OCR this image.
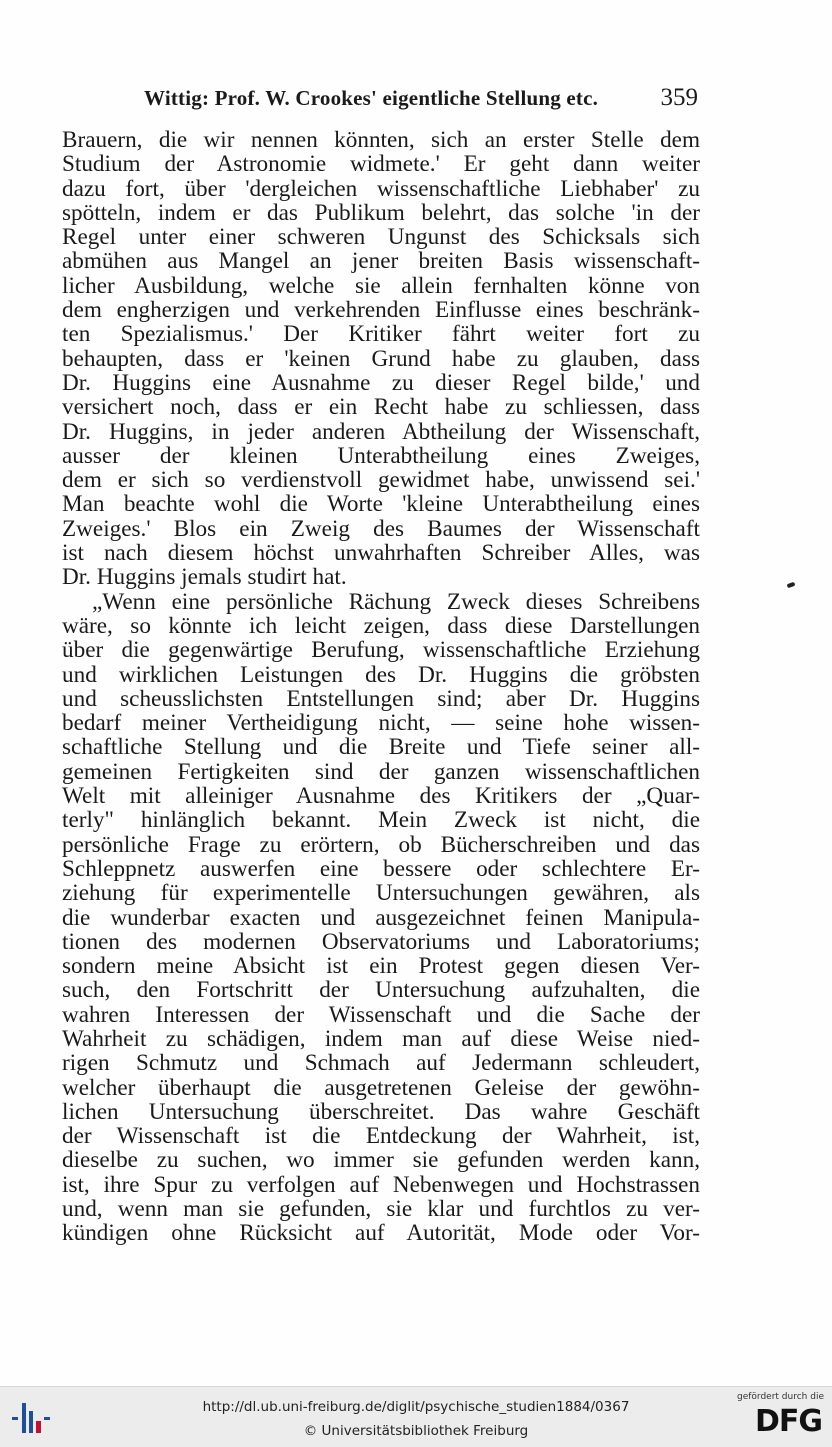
Wittig: Prof. W. Crookes' eigentliche Stellung etc. 359
Brauern, die wir nennen könnten, sich an erster Stelle dem
Studium der Astronomie widmete.' Er geht dann weiter
dazu fort, über 'dergleichen wissenschaftliche Liebhaber' zu
spötteln, indem er das Publikum belehrt, das solche 'in der
Regel unter einer schweren Ungunst des Schicksals sich
abmühen aus Mangel an jener breiten Basis wissenschaft-
licher Ausbildung, welche sie allein fernhalten könne von
dem engherzigen und verkehrenden Einflusse eines beschränk-
ten Spezialismus.' Der Kritiker fährt weiter fort zu
behaupten, dass er 'keinen Grund habe zu glauben, dass
Dr. Huggins eine Ausnahme zu dieser Regel bilde,' und
versichert noch, dass er ein Recht habe zu schliessen, dass
Dr. Huggins, in jeder anderen Abtheilung der Wissenschaft,
ausser der kleinen Unterabtheilung eines Zweiges,
dem er sich so verdienstvoll gewidmet habe, unwissend sei.'
Man beachte wohl die Worte 'kleine Unterabtheilung eines
Zweiges.' Blos ein Zweig des Baumes der Wissenschaft
ist nach diesem höchst unwahrhaften Schreiber Alles, was
Dr. Huggins jemals studirt hat.
„Wenn eine persönliche Rächung Zweck dieses Schreibens
wäre, so könnte ich leicht zeigen, dass diese Darstellungen
über die gegenwärtige Berufung, wissenschaftliche Erziehung
und wirklichen Leistungen des Dr. Huggins die gröbsten
und scheusslichsten Entstellungen sind; aber Dr. Huggins
bedarf meiner Vertheidigung nicht, — seine hohe wissen-
schaftliche Stellung und die Breite und Tiefe seiner all-
gemeinen Fertigkeiten sind der ganzen wissenschaftlichen
Welt mit alleiniger Ausnahme des Kritikers der „Quar-
terly" hinlänglich bekannt. Mein Zweck ist nicht, die
persönliche Frage zu erörtern, ob Bücherschreiben und das
Schleppnetz auswerfen eine bessere oder schlechtere Er-
ziehung für experimentelle Untersuchungen gewähren, als
die wunderbar exacten und ausgezeichnet feinen Manipula-
tionen des modernen Observatoriums und Laboratoriums;
sondern meine Absicht ist ein Protest gegen diesen Ver-
such, den Fortschritt der Untersuchung aufzuhalten, die
wahren Interessen der Wissenschaft und die Sache der
Wahrheit zu schädigen, indem man auf diese Weise nied-
rigen Schmutz und Schmach auf Jedermann schleudert,
welcher überhaupt die ausgetretenen Geleise der gewöhn-
lichen Untersuchung überschreitet. Das wahre Geschäft
der Wissenschaft ist die Entdeckung der Wahrheit, ist,
dieselbe zu suchen, wo immer sie gefunden werden kann,
ist, ihre Spur zu verfolgen auf Nebenwegen und Hochstrassen
und, wenn man sie gefunden, sie klar und furchtlos zu ver-
kündigen ohne Rücksicht auf Autorität, Mode oder Vor-
http://dl.ub.uni-freiburg.de/diglit/psychische_studien1884/0367
© Universitätsbibliothek Freiburg
gefördert durch die
DFG
